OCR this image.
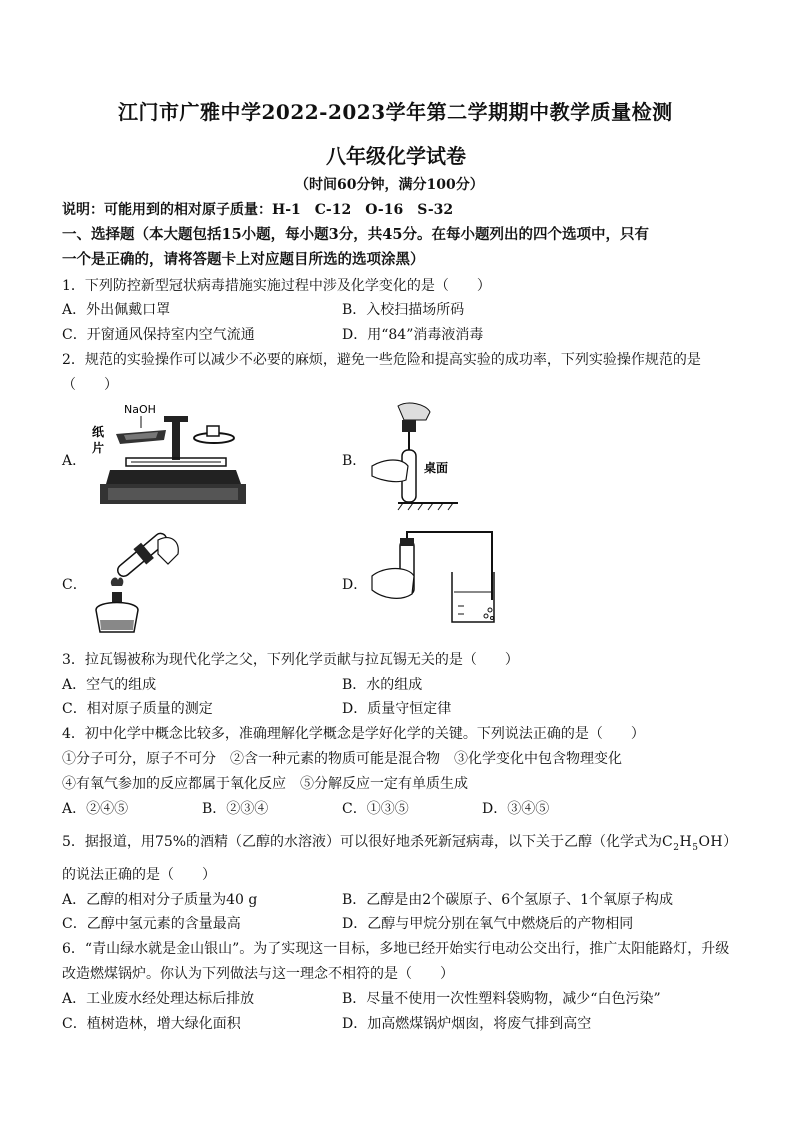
江门市广雅中学2022-2023学年第二学期期中教学质量检测
八年级化学试卷
（时间60分钟，满分100分）
说明：可能用到的相对原子质量：H-1　C-12　O-16　S-32
一、选择题（本大题包括15小题，每小题3分，共45分。在每小题列出的四个选项中，只有
一个是正确的，请将答题卡上对应题目所选的选项涂黑）
1．下列防控新型冠状病毒措施实施过程中涉及化学变化的是（　　）
A．外出佩戴口罩	B．入校扫描场所码
C．开窗通风保持室内空气流通	D．用“84”消毒液消毒
2．规范的实验操作可以减少不必要的麻烦，避免一些危险和提高实验的成功率，下列实验操作规范的是
（　　）
A．	B．
C．	D．
NaOH
纸
片
桌面
3．拉瓦锡被称为现代化学之父，下列化学贡献与拉瓦锡无关的是（　　）
A．空气的组成	B．水的组成
C．相对原子质量的测定	D．质量守恒定律
4．初中化学中概念比较多，准确理解化学概念是学好化学的关键。下列说法正确的是（　　）
①分子可分，原子不可分　②含一种元素的物质可能是混合物　③化学变化中包含物理变化
④有氧气参加的反应都属于氧化反应　⑤分解反应一定有单质生成
A．②④⑤	B．②③④	C．①③⑤	D．③④⑤
5．据报道，用75%的酒精（乙醇的水溶液）可以很好地杀死新冠病毒，以下关于乙醇（化学式为$C_2H_5OH$）
的说法正确的是（　　）
A．乙醇的相对分子质量为40 g	B．乙醇是由2个碳原子、6个氢原子、1个氧原子构成
C．乙醇中氢元素的含量最高	D．乙醇与甲烷分别在氧气中燃烧后的产物相同
6．“青山绿水就是金山银山”。为了实现这一目标，多地已经开始实行电动公交出行，推广太阳能路灯，升级
改造燃煤锅炉。你认为下列做法与这一理念不相符的是（　　）
A．工业废水经处理达标后排放	B．尽量不使用一次性塑料袋购物，减少“白色污染”
C．植树造林，增大绿化面积	D．加高燃煤锅炉烟囱，将废气排到高空
